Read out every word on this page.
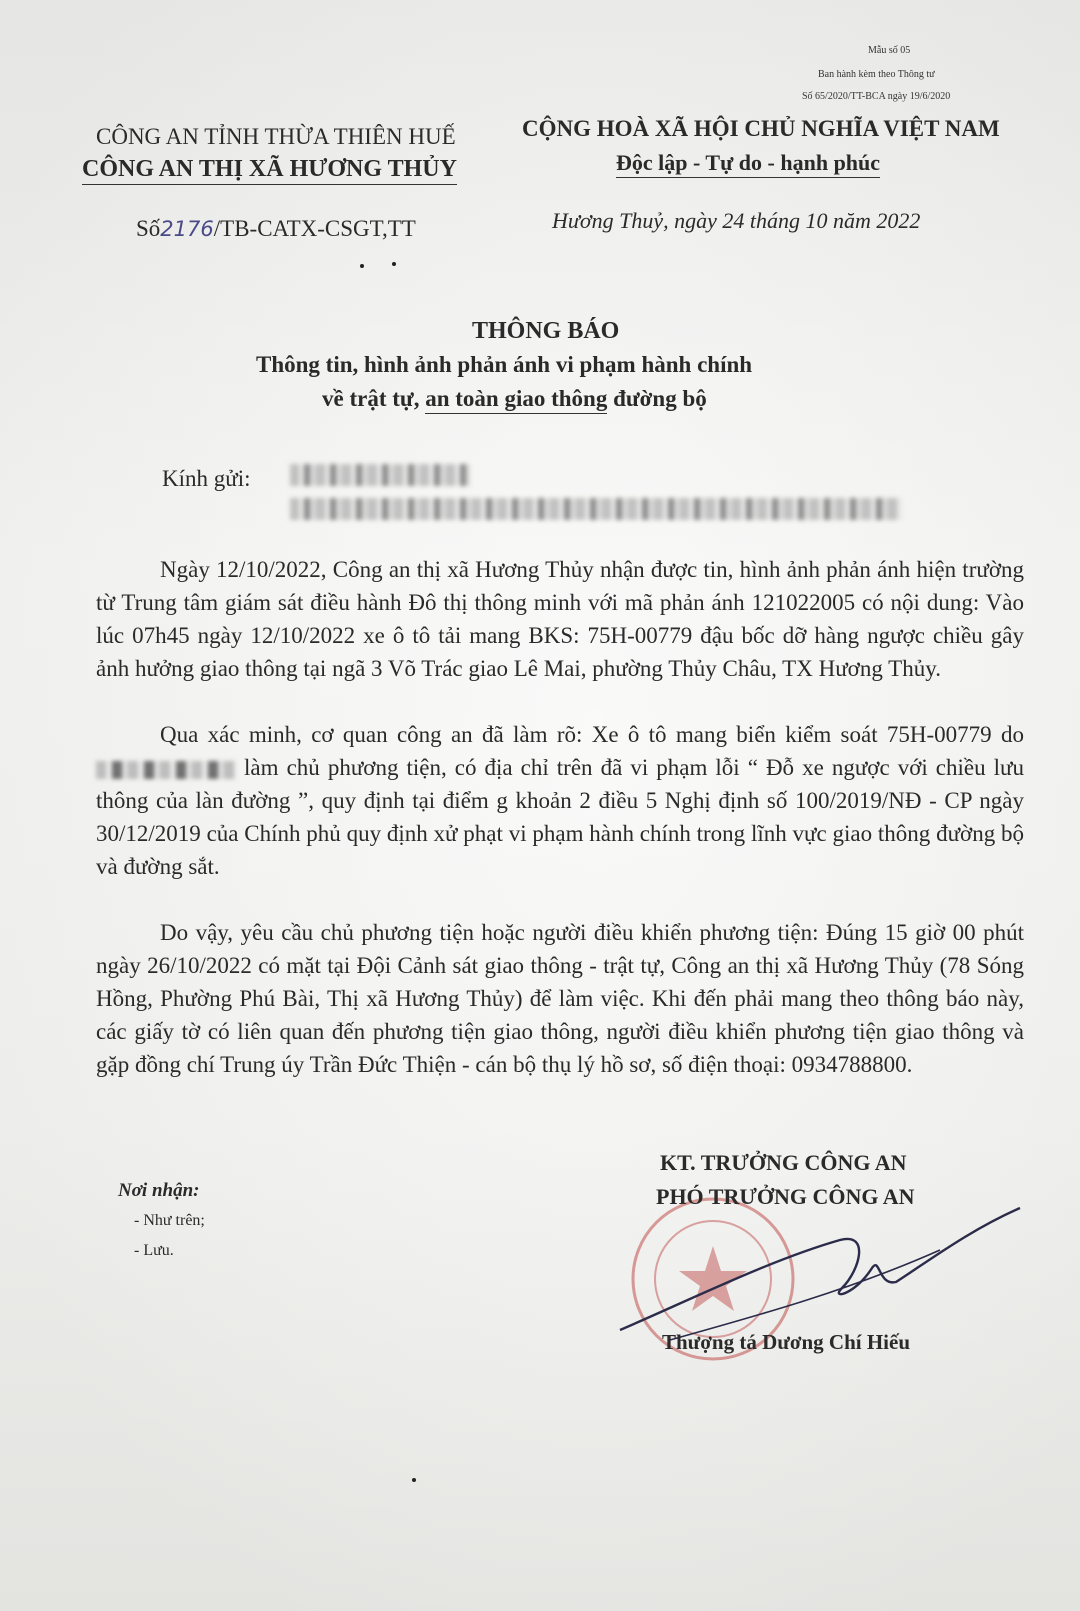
Mẫu số 05
Ban hành kèm theo Thông tư
Số 65/2020/TT-BCA ngày 19/6/2020
CÔNG AN TỈNH THỪA THIÊN HUẾ
CÔNG AN THỊ XÃ HƯƠNG THỦY
CỘNG HOÀ XÃ HỘI CHỦ NGHĨA VIỆT NAM
Độc lập - Tự do - hạnh phúc
Số2176/TB-CATX-CSGT,TT	Hương Thuỷ, ngày 24 tháng 10 năm 2022
THÔNG BÁO
Thông tin, hình ảnh phản ánh vi phạm hành chính
về trật tự, an toàn giao thông đường bộ
Kính gửi:

Ngày 12/10/2022, Công an thị xã Hương Thủy nhận được tin, hình ảnh phản ánh hiện trường từ Trung tâm giám sát điều hành Đô thị thông minh với mã phản ánh 121022005 có nội dung: Vào lúc 07h45 ngày 12/10/2022 xe ô tô tải mang BKS: 75H-00779 đậu bốc dỡ hàng ngược chiều gây ảnh hưởng giao thông tại ngã 3 Võ Trác giao Lê Mai, phường Thủy Châu, TX Hương Thủy.

Qua xác minh, cơ quan công an đã làm rõ: Xe ô tô mang biển kiểm soát 75H-00779 do  làm chủ phương tiện, có địa chỉ trên đã vi phạm lỗi “ Đỗ xe ngược với chiều lưu thông của làn đường ”, quy định tại điểm g khoản 2 điều 5 Nghị định số 100/2019/NĐ - CP ngày 30/12/2019 của Chính phủ quy định xử phạt vi phạm hành chính trong lĩnh vực giao thông đường bộ và đường sắt.

Do vậy, yêu cầu chủ phương tiện hoặc người điều khiển phương tiện: Đúng 15 giờ 00 phút ngày 26/10/2022 có mặt tại Đội Cảnh sát giao thông - trật tự, Công an thị xã Hương Thủy (78 Sóng Hồng, Phường Phú Bài, Thị xã Hương Thủy) để làm việc. Khi đến phải mang theo thông báo này, các giấy tờ có liên quan đến phương tiện giao thông, người điều khiển phương tiện giao thông và gặp đồng chí Trung úy Trần Đức Thiện - cán bộ thụ lý hồ sơ, số điện thoại: 0934788800.

Nơi nhận:
- Như trên;
- Lưu.
KT. TRƯỞNG CÔNG AN
PHÓ TRƯỞNG CÔNG AN
Thượng tá Dương Chí Hiếu
